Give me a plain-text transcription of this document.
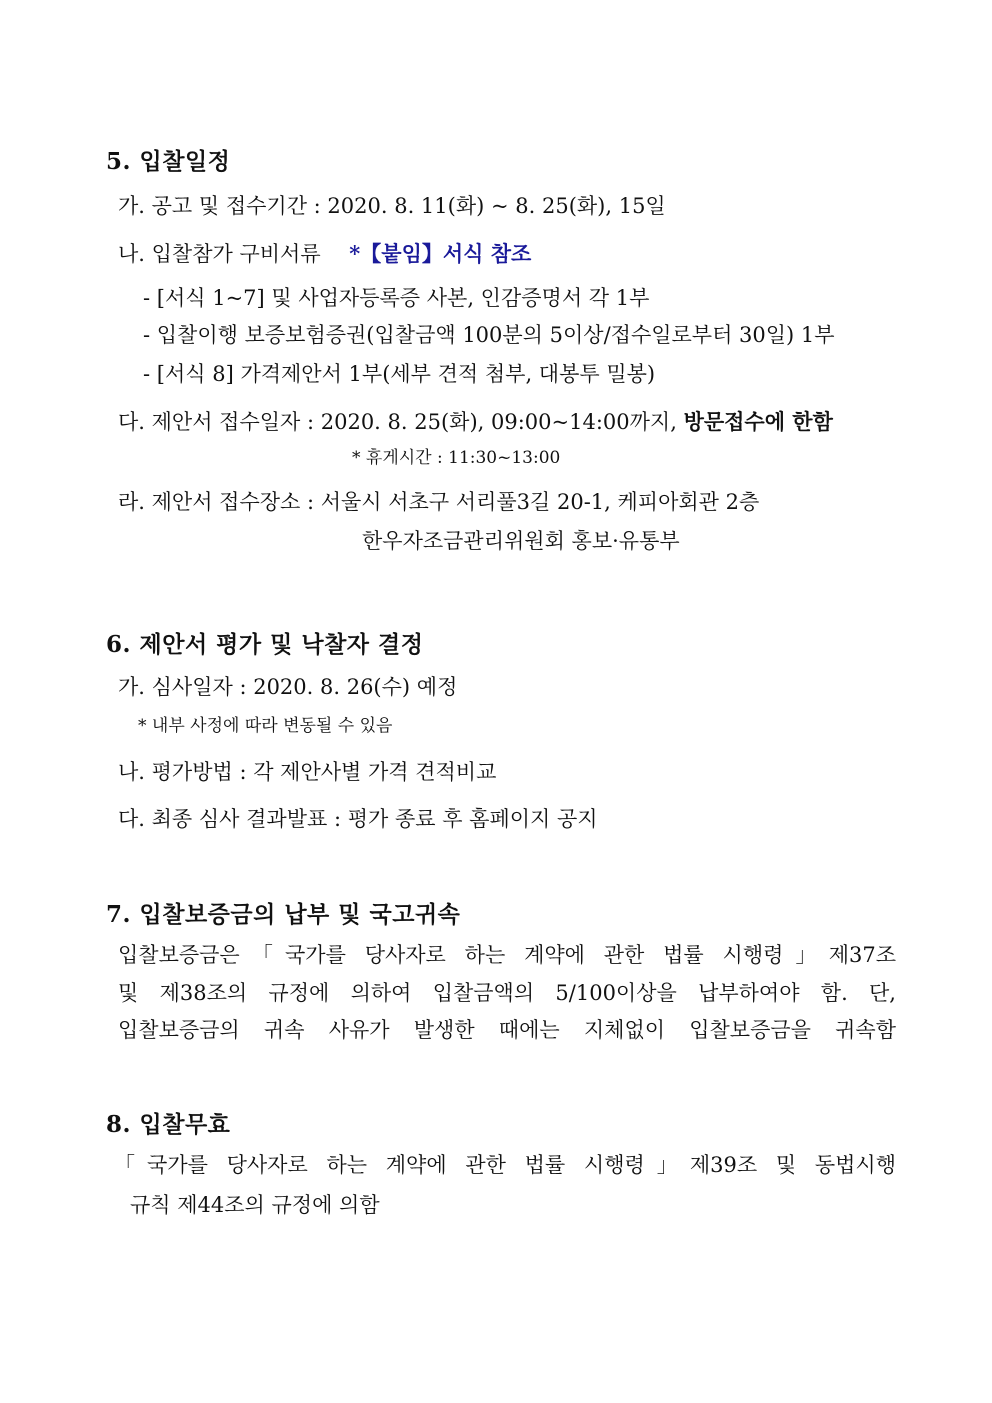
5. 입찰일정
가. 공고 및 접수기간 : 2020. 8. 11(화) ~ 8. 25(화), 15일
나. 입찰참가 구비서류 *【붙임】서식 참조
- [서식 1~7] 및 사업자등록증 사본, 인감증명서 각 1부
- 입찰이행 보증보험증권(입찰금액 100분의 5이상/접수일로부터 30일) 1부
- [서식 8] 가격제안서 1부(세부 견적 첨부, 대봉투 밀봉)
다. 제안서 접수일자 : 2020. 8. 25(화), 09:00~14:00까지, 방문접수에 한함
* 휴게시간 : 11:30~13:00
라. 제안서 접수장소 : 서울시 서초구 서리풀3길 20-1, 케피아회관 2층
한우자조금관리위원회 홍보·유통부
6. 제안서 평가 및 낙찰자 결정
가. 심사일자 : 2020. 8. 26(수) 예정
* 내부 사정에 따라 변동될 수 있음
나. 평가방법 : 각 제안사별 가격 견적비교
다. 최종 심사 결과발표 : 평가 종료 후 홈페이지 공지
7. 입찰보증금의 납부 및 국고귀속
입찰보증금은「국가를 당사자로 하는 계약에 관한 법률 시행령」제37조
및 제38조의 규정에 의하여 입찰금액의 5/100이상을 납부하여야 함. 단,
입찰보증금의 귀속 사유가 발생한 때에는 지체없이 입찰보증금을 귀속함
8. 입찰무효
「국가를 당사자로 하는 계약에 관한 법률 시행령」제39조 및 동법시행
규칙 제44조의 규정에 의함
